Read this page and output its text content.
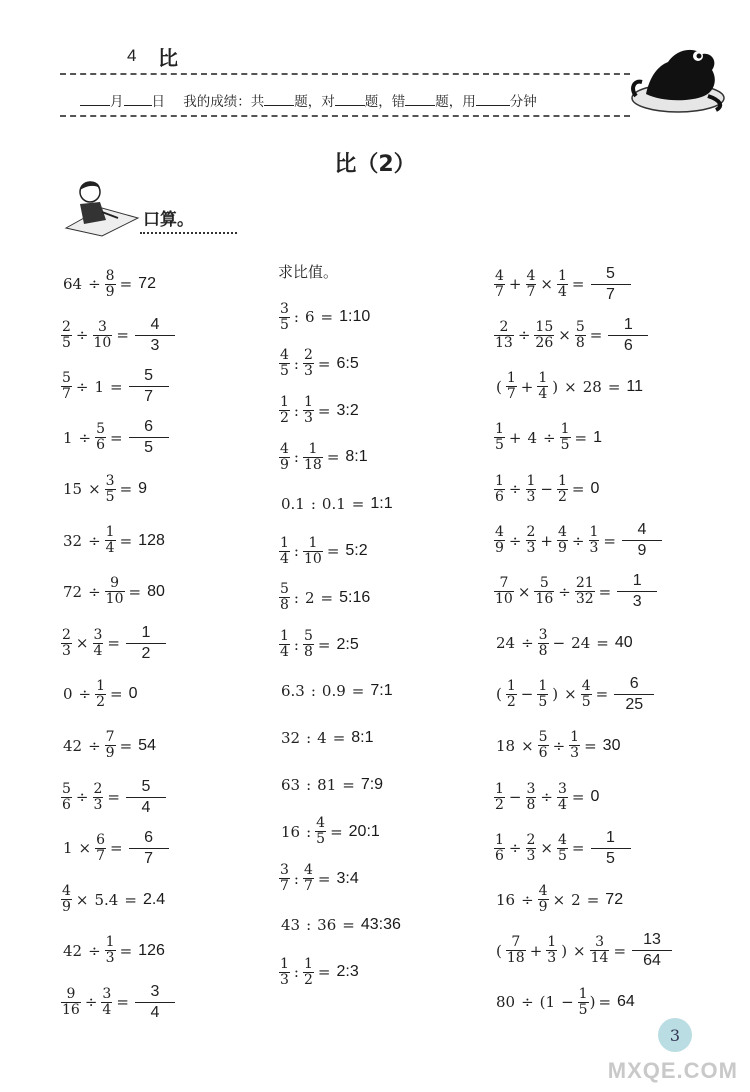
4 比
月 日 我的成绩：共 题，对 题，错 题，用	分钟
比（2）
口算。
求比值。
$64 \div \frac{8}{9} = 72$
$\frac{2}{5} \div \frac{3}{10}$ =
4
3
$\frac{5}{7} \div 1$ =
5
7
$1 \div \frac{5}{6}$ =
6
5
$15 \times \frac{3}{5} = 9$
$32 \div \frac{1}{4} = 128$
$72 \div \frac{9}{10} = 80$
$\frac{2}{3} \times \frac{3}{4}$ =
1
2
$0 \div \frac{1}{2} = 0$
$42 \div \frac{7}{9} = 54$
$\frac{5}{6} \div \frac{2}{3}$ =
5
4
$1 \times \frac{6}{7}$ =
6
7
$\frac{4}{9} \times 5.4 = 2.4$
$42 \div \frac{1}{3} = 126$
$\frac{9}{16} \div \frac{3}{4}$ =
3
4
3
5 : 6 = 1:10
4
5 : $\frac{2}{3}$ = 6:5
1
2 : $\frac{1}{3}$ = 3:2
4
9 : $\frac{1}{18}$ = 8:1
0.1 : 0.1 = 1:1
1
4 : $\frac{1}{10}$ = 5:2
5
8 : 2 = 5:16
1
4 : $\frac{5}{8}$ = 2:5
6.3 : 0.9 = 7:1
32 : 4 = 8:1
63 : 81 = 7:9
16 : $\frac{4}{5}$ = 20:1
3
7 : $\frac{4}{7}$ = 3:4
43 : 36 = 43:36
1
3 : $\frac{1}{2}$ = 2:3
4
$7 + \frac{4}{7} \times \frac{1}{4}$ =
5
7
$\frac{2}{13} \div \frac{15}{26} \times \frac{5}{8}$ =
1
6
( 1
$7 + \frac{1}{4}$ ) × 28 = 11
1
$5 + 4 \div \frac{1}{5} = 1$
$\frac{1}{6} \div \frac{1}{3} - \frac{1}{2} = 0$
$\frac{4}{9} \div \frac{2}{3} + \frac{4}{9} \div \frac{1}{3}$ =
4
9
$\frac{7}{10} \times \frac{5}{16} \div \frac{21}{32}$ =
1
3
$24 \div \frac{3}{8} - 24 = 40$
( 1
$2 - \frac{1}{5}$ ) × $\frac{4}{5}$ =
6
25
$18 \times \frac{5}{6} \div \frac{1}{3} = 30$
1
$2 - \frac{3}{8} \div \frac{3}{4} = 0$
$\frac{1}{6} \div \frac{2}{3} \times \frac{4}{5}$ =
1
5
$16 \div \frac{4}{9} \times 2 = 72$
( 7
$18 + \frac{1}{3}$ ) × $\frac{3}{14}$ =
13
64
$80 \div (1 - \frac{1}{5}$ ) = 64
3
MXQE.COM
